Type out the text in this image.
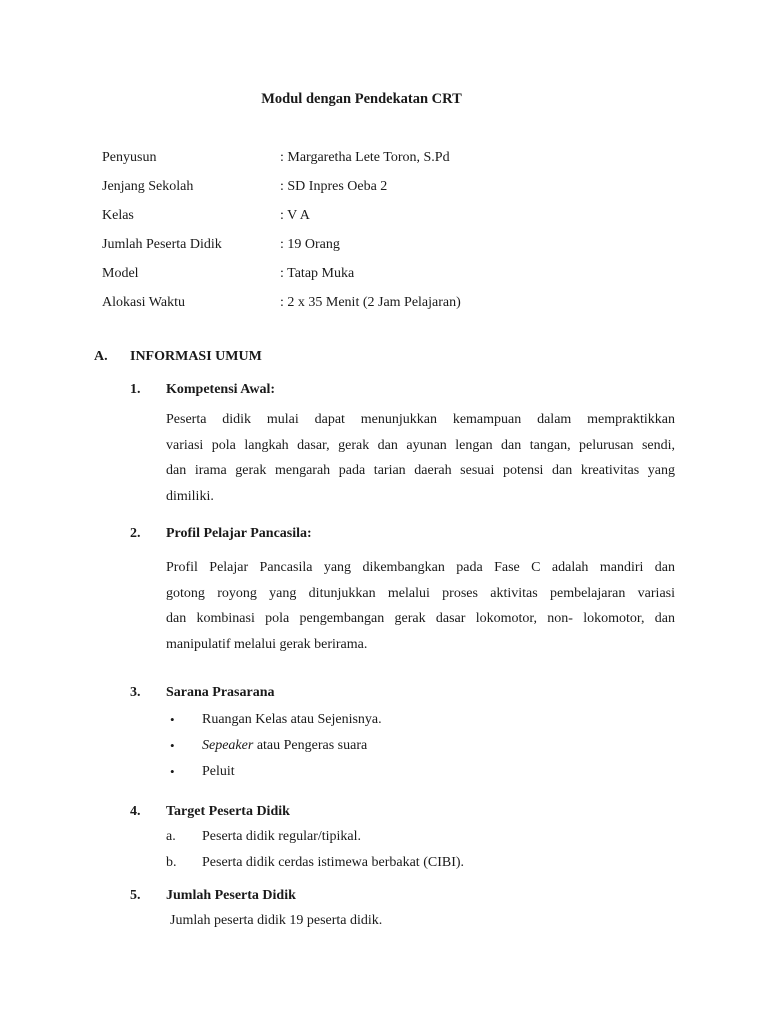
Modul dengan Pendekatan CRT
Penyusun	: Margaretha Lete Toron, S.Pd
Jenjang Sekolah	: SD Inpres Oeba 2
Kelas	: V A
Jumlah Peserta Didik	: 19 Orang
Model	: Tatap Muka
Alokasi Waktu	: 2 x 35 Menit (2 Jam Pelajaran)
A. INFORMASI UMUM
1. Kompetensi Awal:
Peserta didik mulai dapat menunjukkan kemampuan dalam mempraktikkan
variasi pola langkah dasar, gerak dan ayunan lengan dan tangan, pelurusan sendi,
dan irama gerak mengarah pada tarian daerah sesuai potensi dan kreativitas yang
dimiliki.
2. Profil Pelajar Pancasila:
Profil Pelajar Pancasila yang dikembangkan pada Fase C adalah mandiri dan
gotong royong yang ditunjukkan melalui proses aktivitas pembelajaran variasi
dan kombinasi pola pengembangan gerak dasar lokomotor, non- lokomotor, dan
manipulatif melalui gerak berirama.
3. Sarana Prasarana
• Ruangan Kelas atau Sejenisnya.
• Sepeaker atau Pengeras suara
• Peluit
4. Target Peserta Didik
a. Peserta didik regular/tipikal.
b. Peserta didik cerdas istimewa berbakat (CIBI).
5. Jumlah Peserta Didik
Jumlah peserta didik 19 peserta didik.
